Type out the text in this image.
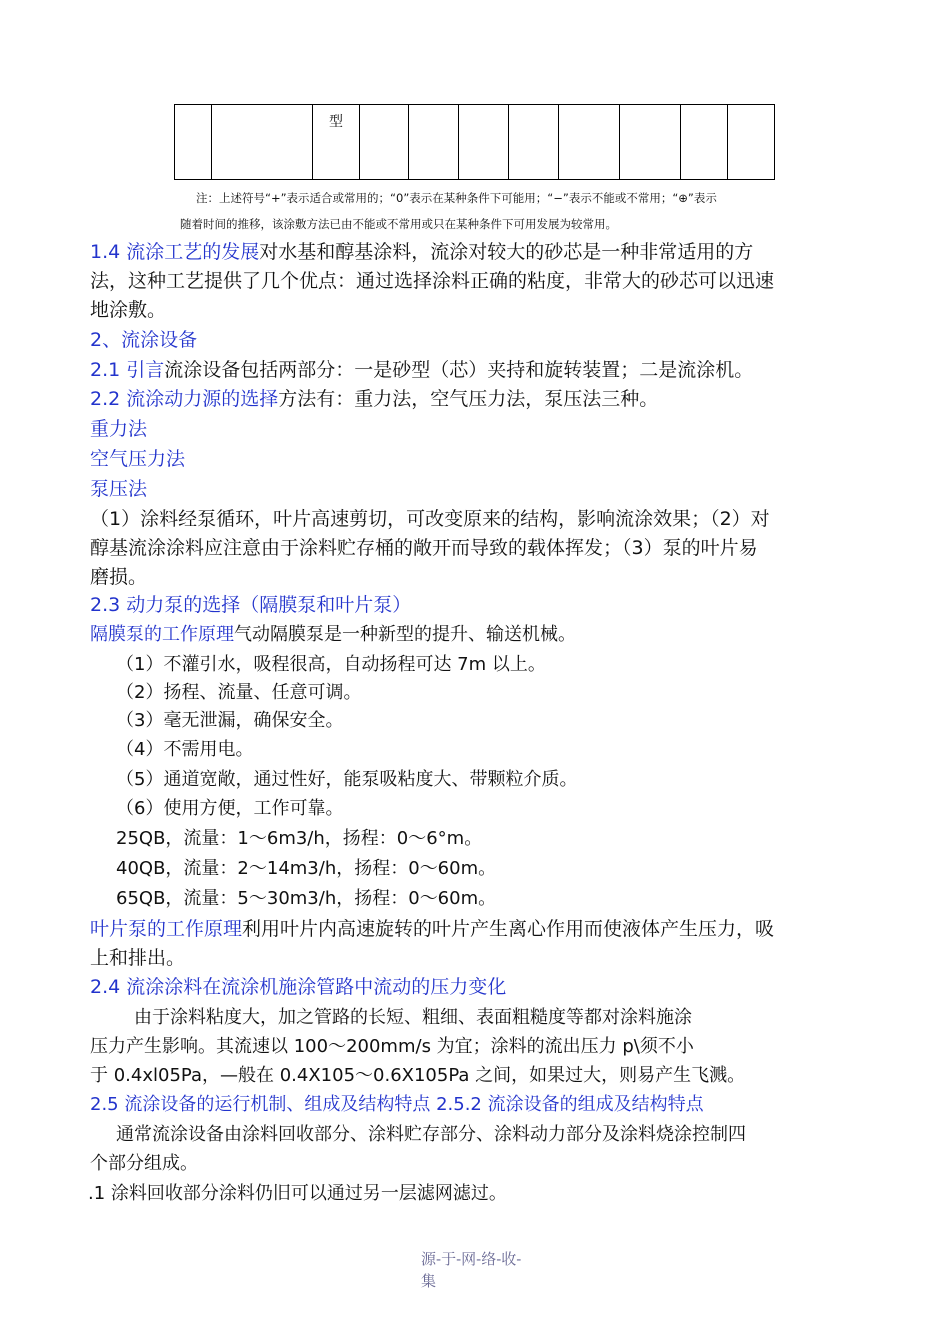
		型								
注：上述符号“+”表示适合或常用的；“0”表示在某种条件下可能用；“−”表示不能或不常用；“⊕”表示
随着时间的推移，该涂敷方法已由不能或不常用或只在某种条件下可用发展为较常用。
1.4 流涂工艺的发展对水基和醇基涂料，流涂对较大的砂芯是一种非常适用的方
法，这种工艺提供了几个优点：通过选择涂料正确的粘度，非常大的砂芯可以迅速
地涂敷。
2、流涂设备
2.1 引言流涂设备包括两部分：一是砂型（芯）夹持和旋转装置；二是流涂机。
2.2 流涂动力源的选择方法有：重力法，空气压力法，泵压法三种。
重力法
空气压力法
泵压法
（1）涂料经泵循环，叶片高速剪切，可改变原来的结构，影响流涂效果；（2）对
醇基流涂涂料应注意由于涂料贮存桶的敞开而导致的载体挥发；（3）泵的叶片易
磨损。
2.3 动力泵的选择（隔膜泵和叶片泵）
隔膜泵的工作原理气动隔膜泵是一种新型的提升、输送机械。
（1）不灌引水，吸程很高，自动扬程可达 7m 以上。
（2）扬程、流量、任意可调。
（3）毫无泄漏，确保安全。
（4）不需用电。
（5）通道宽敞，通过性好，能泵吸粘度大、带颗粒介质。
（6）使用方便，工作可靠。
25QB，流量：1〜6m3/h，扬程：0〜6°m。
40QB，流量：2〜14m3/h，扬程：0〜60m。
65QB，流量：5〜30m3/h，扬程：0〜60m。
叶片泵的工作原理利用叶片内高速旋转的叶片产生离心作用而使液体产生压力，吸
上和排出。
2.4 流涂涂料在流涂机施涂管路中流动的压力变化
由于涂料粘度大，加之管路的长短、粗细、表面粗糙度等都对涂料施涂
压力产生影响。其流速以 100〜200mm/s 为宜；涂料的流出压力 p\须不小
于 0.4xl05Pa，—般在 0.4X105〜0.6X105Pa 之间，如果过大，则易产生飞溅。
2.5 流涂设备的运行机制、组成及结构特点 2.5.2 流涂设备的组成及结构特点
通常流涂设备由涂料回收部分、涂料贮存部分、涂料动力部分及涂料烧涂控制四
个部分组成。
.1 涂料回收部分涂料仍旧可以通过另一层滤网滤过。
源-于-网-络-收-
集
